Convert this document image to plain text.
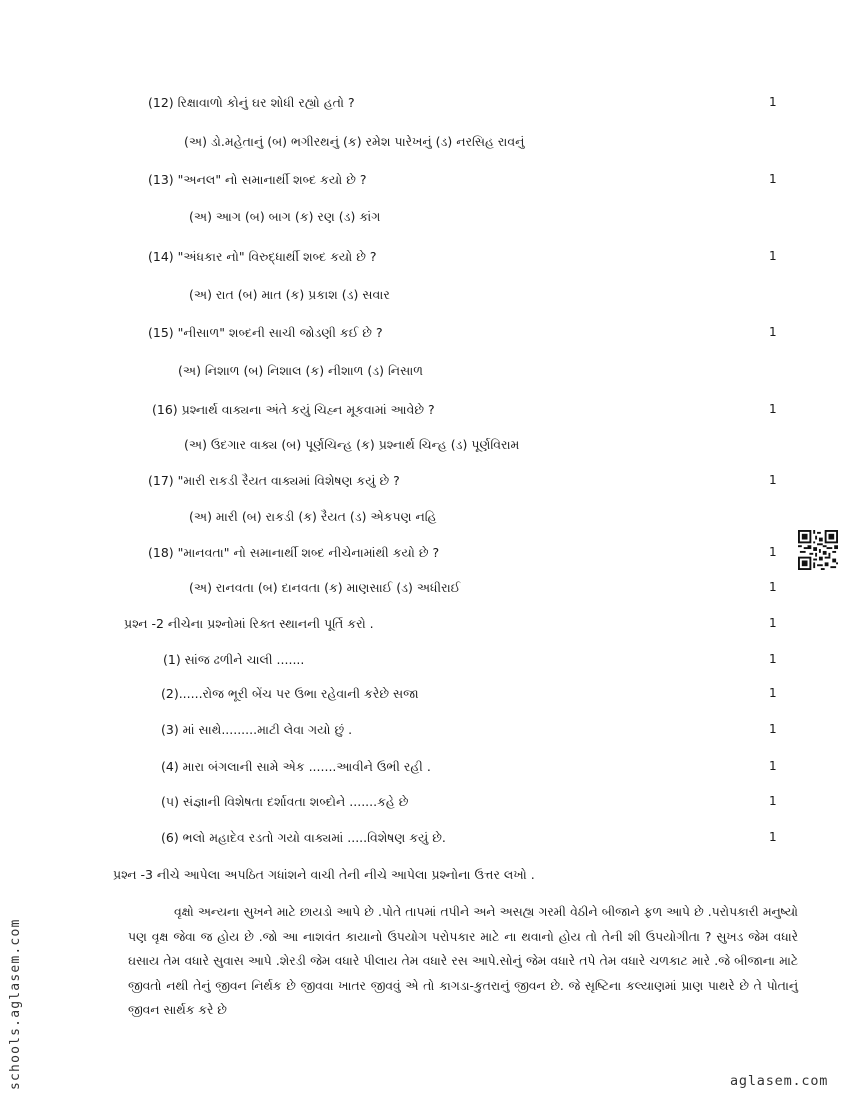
(12) રિક્ષાવાળો કોનું ઘર શોધી રહ્યો હતો ?	1
(અ) ડો.મહેતાનું (બ) ભગીરથનું (ક) રમેશ પારેખનું (ડ) નરસિહ રાવનું
(13) "અનલ" નો સમાનાર્થી શબ્દ કયો છે ?	1
(અ) આગ (બ) બાગ (ક) રણ (ડ) કાંગ
(14) "અંધકાર નો" વિરુદ્ધાર્થી શબ્દ કયો છે ?	1
(અ) રાત (બ) માત (ક) પ્રકાશ (ડ) સવાર
(15) "નીસાળ" શબ્દની સાચી જોડણી કઈ છે ?	1
(અ) નિશાળ (બ) નિશાલ (ક) નીશાળ (ડ) નિસાળ
(16) પ્રશ્નાર્થ વાક્યના અંતે કયું ચિહ્ન મૂકવામાં આવેછે ?	1
(અ) ઉદગાર વાક્ય (બ) પૂર્ણચિન્હ (ક) પ્રશ્નાર્થ ચિન્હ (ડ) પૂર્ણવિરામ
(17) "મારી રાકડી રૈયત વાક્યમાં વિશેષણ કયું છે ?	1
(અ) મારી (બ) રાકડી (ક) રૈયત (ડ) એકપણ નહિ
(18) "માનવતા" નો સમાનાર્થી શબ્દ નીચેનામાંથી કયો છે ?	1
(અ) રાનવતા (બ) દાનવતા (ક) માણસાઈ (ડ) અધીરાઈ	1
પ્રશ્ન -2 નીચેના પ્રશ્નોમાં રિક્ત સ્થાનની પૂર્તિ કરો .	1
(1) સાંજ ઢળીને ચાલી .......	1
(2)......રોજ ભૂરી બેંચ પર ઉભા રહેવાની કરેછે સજા	1
(3) માં સાથે.........માટી લેવા ગયો છું .	1
(4) મારા બંગલાની સામે એક .......આવીને ઉભી રહી .	1
(૫) સંજ્ઞાની વિશેષતા દર્શાવતા શબ્દોને .......કહે છે	1
(6) ભલો મહાદેવ રડતો ગયો વાક્યમાં .....વિશેષણ કયું છે.	1
પ્રશ્ન -3 નીચે આપેલા અપઠિત ગધાંશને વાચી તેની નીચે આપેલા પ્રશ્નોના ઉત્તર લખો .
વૃક્ષો અન્યના સુખને માટે છાયડો આપે છે .પોતે તાપમાં તપીને અને અસહ્ય ગરમી વેઠીને બીજાને ફળ આપે છે .પરોપકારી મનુષ્યો પણ વૃક્ષ જેવા જ હોય છે .જો આ નાશવંત કાયાનો ઉપયોગ પરોપકાર માટે ના થવાનો હોય તો તેની શી ઉપયોગીતા ? સુખડ જેમ વધારે ઘસાય તેમ વધારે સુવાસ આપે .શેરડી જેમ વધારે પીલાય તેમ વધારે રસ આપે.સોનું જેમ વધારે તપે તેમ વધારે ચળકાટ મારે .જે બીજાના માટે જીવતો નથી તેનું જીવન નિર્થક છે જીવવા ખાતર જીવવું એ તો કાગડા-કુતરાનું જીવન છે. જે સૃષ્ટિના કલ્યાણમાં પ્રાણ પાથરે છે તે પોતાનું જીવન સાર્થક કરે છે
schools.aglasem.com	aglasem.com
